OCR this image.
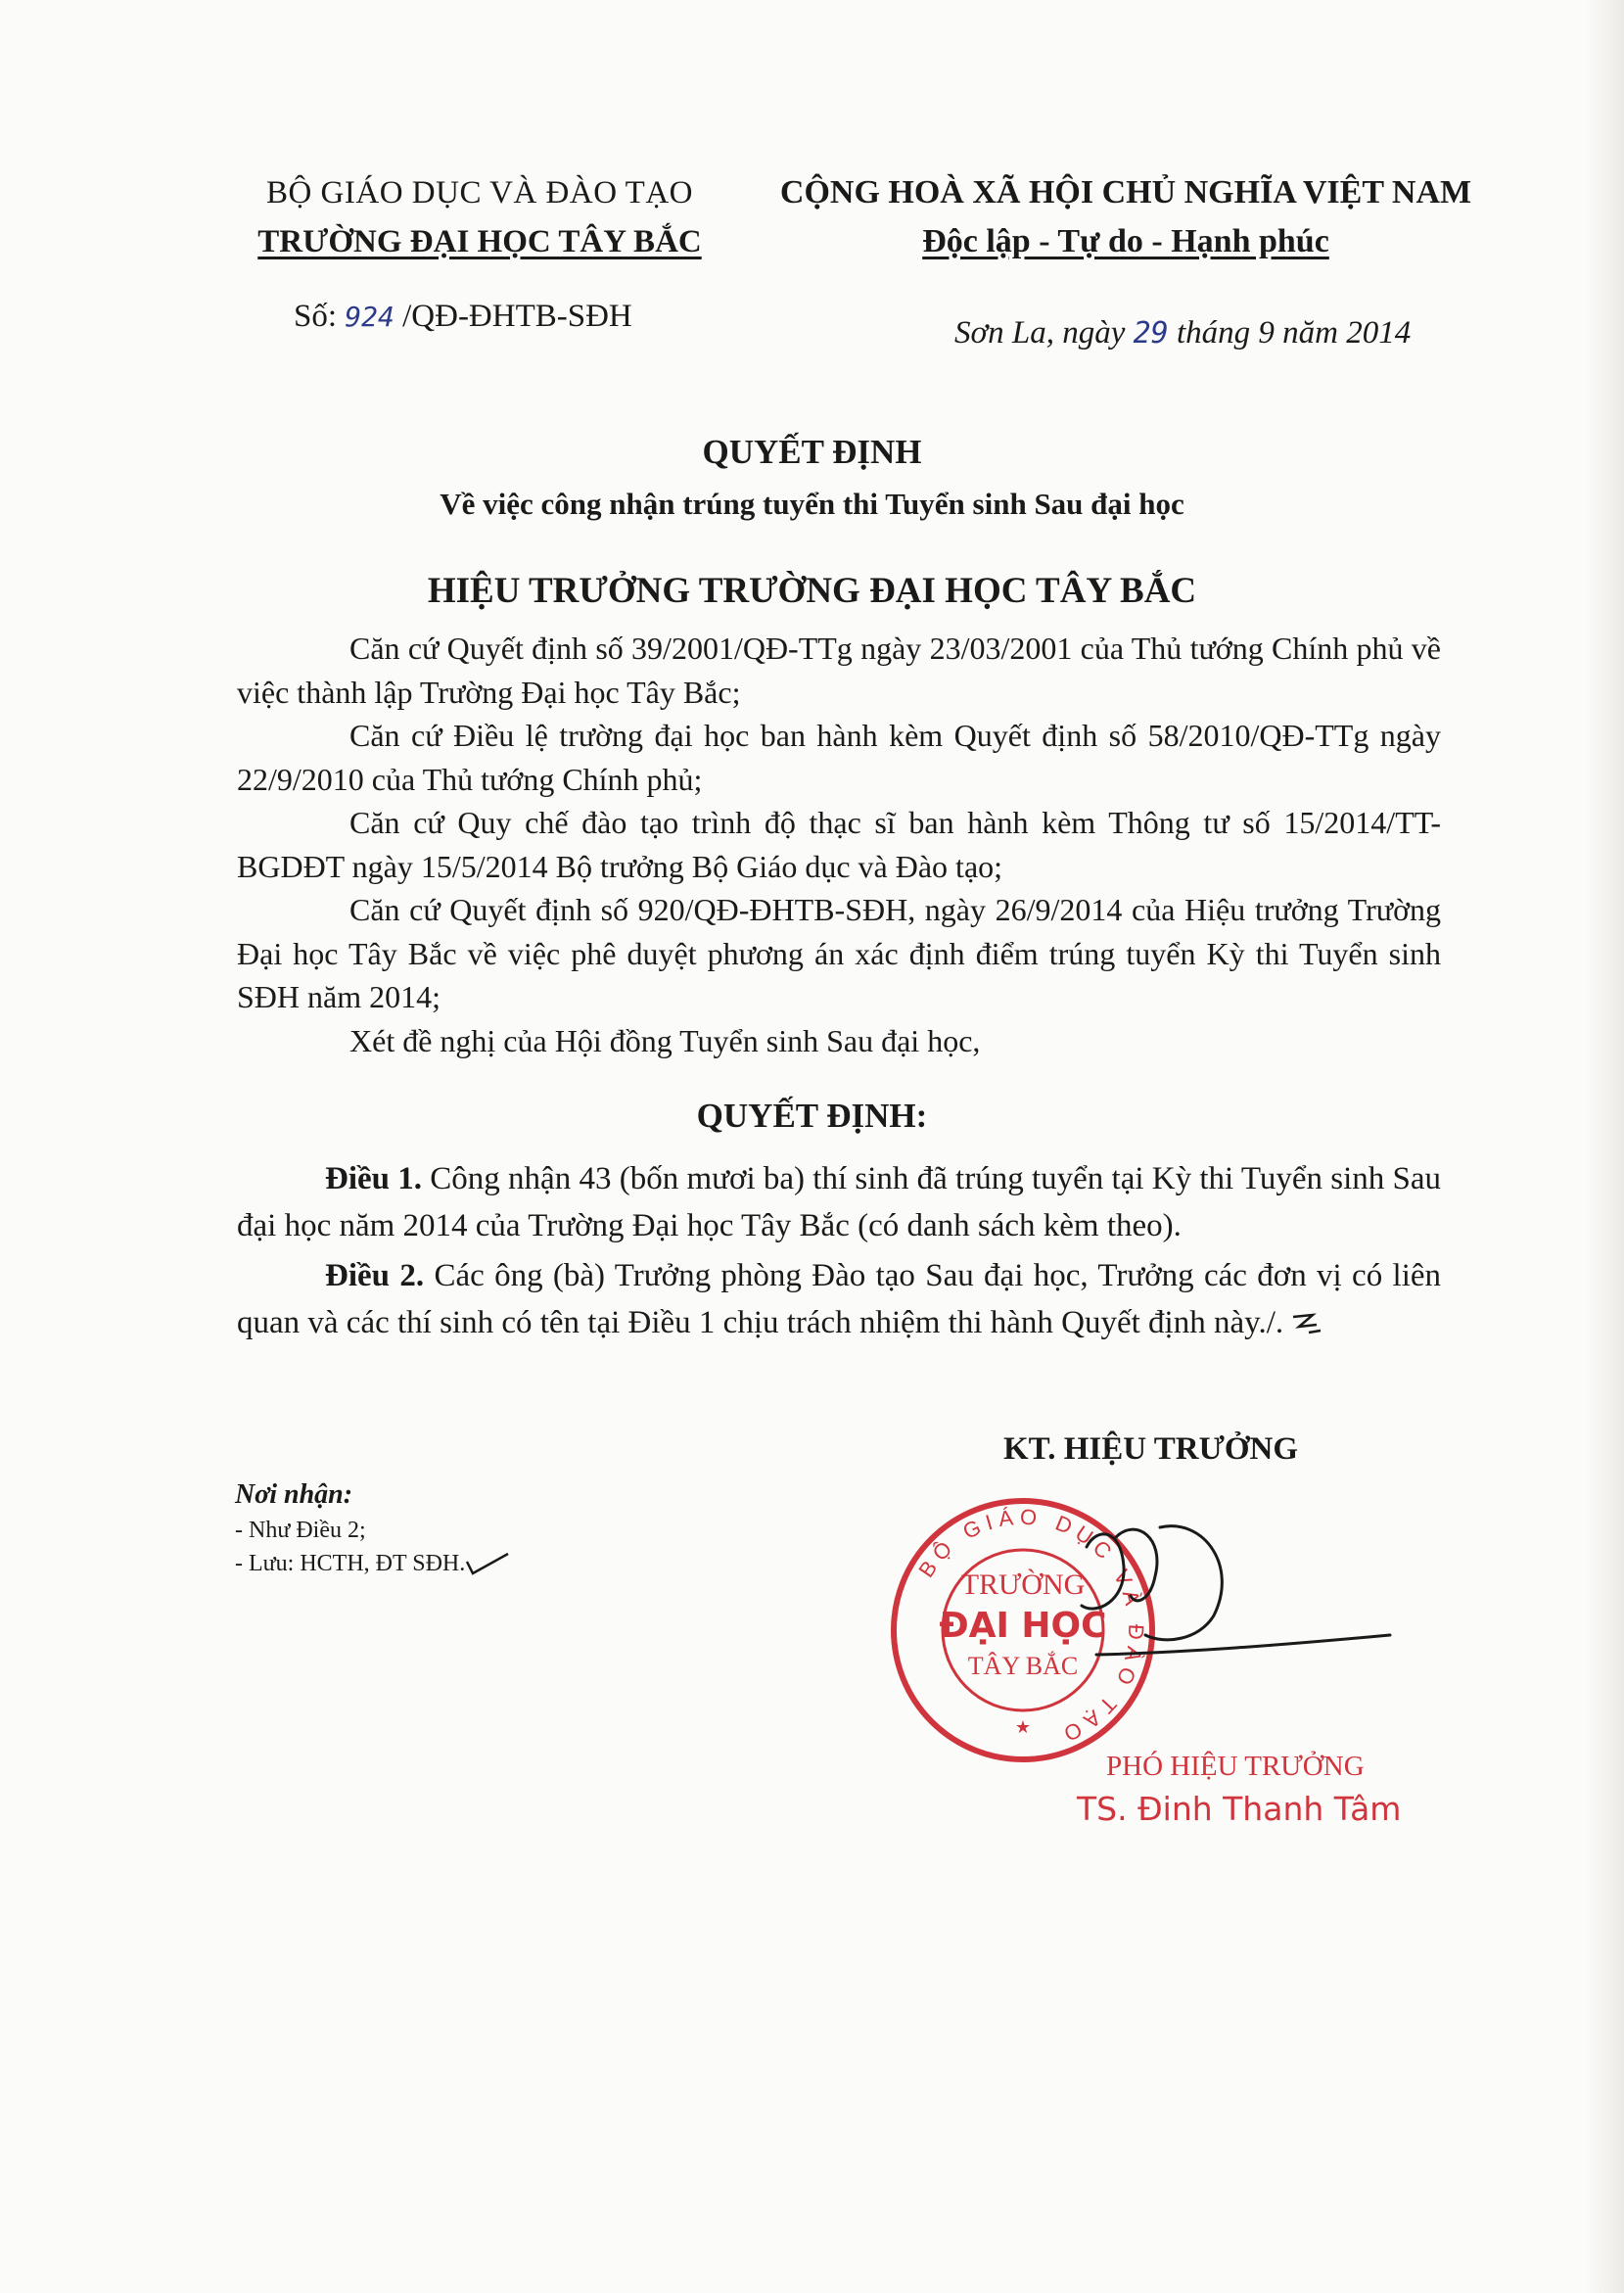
BỘ GIÁO DỤC VÀ ĐÀO TẠO
TRƯỜNG ĐẠI HỌC TÂY BẮC
Số: 924 /QĐ-ĐHTB-SĐH
CỘNG HOÀ XÃ HỘI CHỦ NGHĨA VIỆT NAM
Độc lập - Tự do - Hạnh phúc
Sơn La, ngày 29 tháng 9 năm 2014
QUYẾT ĐỊNH
Về việc công nhận trúng tuyển thi Tuyển sinh Sau đại học
HIỆU TRƯỞNG TRƯỜNG ĐẠI HỌC TÂY BẮC

Căn cứ Quyết định số 39/2001/QĐ-TTg ngày 23/03/2001 của Thủ tướng Chính phủ về việc thành lập Trường Đại học Tây Bắc;

Căn cứ Điều lệ trường đại học ban hành kèm Quyết định số 58/2010/QĐ-TTg ngày 22/9/2010 của Thủ tướng Chính phủ;

Căn cứ Quy chế đào tạo trình độ thạc sĩ ban hành kèm Thông tư số 15/2014/TT-BGDĐT ngày 15/5/2014 Bộ trưởng Bộ Giáo dục và Đào tạo;

Căn cứ Quyết định số 920/QĐ-ĐHTB-SĐH, ngày 26/9/2014 của Hiệu trưởng Trường Đại học Tây Bắc về việc phê duyệt phương án xác định điểm trúng tuyển Kỳ thi Tuyển sinh SĐH năm 2014;

Xét đề nghị của Hội đồng Tuyển sinh Sau đại học,

QUYẾT ĐỊNH:

Điều 1. Công nhận 43 (bốn mươi ba) thí sinh đã trúng tuyển tại Kỳ thi Tuyển sinh Sau đại học năm 2014 của Trường Đại học Tây Bắc (có danh sách kèm theo).

Điều 2. Các ông (bà) Trưởng phòng Đào tạo Sau đại học, Trưởng các đơn vị có liên quan và các thí sinh có tên tại Điều 1 chịu trách nhiệm thi hành Quyết định này./.

KT. HIỆU TRƯỞNG
Nơi nhận:
- Như Điều 2;
- Lưu: HCTH, ĐT SĐH.	BỘ GIÁO DỤC VÀ ĐÀO TẠO
TRƯỜNG
ĐẠI HỌC
TÂY BẮC
★
PHÓ HIỆU TRƯỞNG
TS. Đinh Thanh Tâm
